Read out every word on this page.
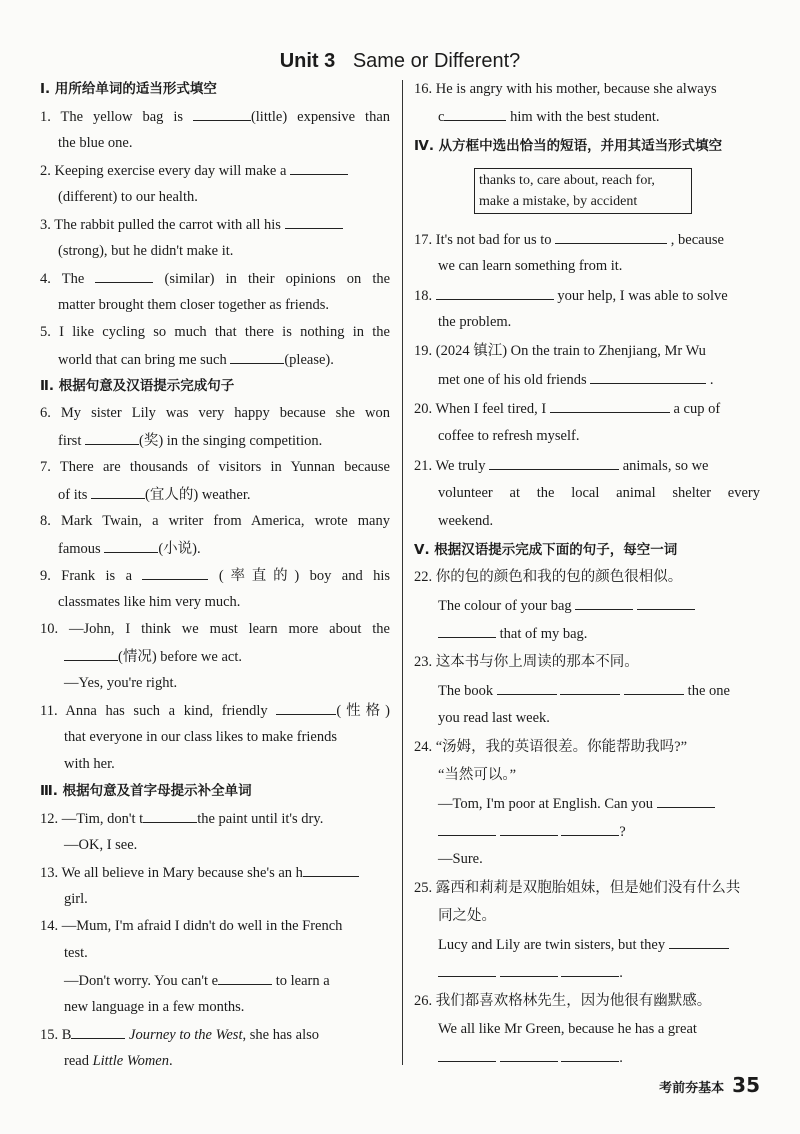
Unit 3 Same or Different?
Ⅰ. 用所给单词的适当形式填空
1. The yellow bag is	(little) expensive than
the blue one.
2. Keeping exercise every day will make a
(different) to our health.
3. The rabbit pulled the carrot with all his
(strong), but he didn't make it.
4. The	(similar) in their opinions on the
matter brought them closer together as friends.
5. I like cycling so much that there is nothing in the
world that can bring me such	(please).
Ⅱ. 根据句意及汉语提示完成句子
6. My sister Lily was very happy because she won
first	(奖) in the singing competition.
7. There are thousands of visitors in Yunnan because
of its	(宜人的) weather.
8. Mark Twain, a writer from America, wrote many
famous	(小说).
9. Frank is a	(率直的) boy and his
classmates like him very much.
10. —John, I think we must learn more about the
(情况) before we act.
—Yes, you're right.
11. Anna has such a kind, friendly	(性格)
that everyone in our class likes to make friends
with her.
Ⅲ. 根据句意及首字母提示补全单词
12. —Tim, don't t	the paint until it's dry.
—OK, I see.
13. We all believe in Mary because she's an h
girl.
14. —Mum, I'm afraid I didn't do well in the French
test.
—Don't worry. You can't e	to learn a
new language in a few months.
15. B	Journey to the West, she has also
read Little Women.
16. He is angry with his mother, because she always
c	him with the best student.
Ⅳ. 从方框中选出恰当的短语，并用其适当形式填空
thanks to, care about, reach for,
make a mistake, by accident
17. It's not bad for us to	, because
we can learn something from it.
18.	your help, I was able to solve
the problem.
19. (2024 镇江) On the train to Zhenjiang, Mr Wu
met one of his old friends	.
20. When I feel tired, I	a cup of
coffee to refresh myself.
21. We truly	animals, so we
volunteer at the local animal shelter every
weekend.
Ⅴ. 根据汉语提示完成下面的句子，每空一词
22. 你的包的颜色和我的包的颜色很相似。
The colour of your bag
that of my bag.
23. 这本书与你上周读的那本不同。
The book	the one
you read last week.
24. “汤姆，我的英语很差。你能帮助我吗?”
“当然可以。”
—Tom, I'm poor at English. Can you
?
—Sure.
25. 露西和莉莉是双胞胎姐妹，但是她们没有什么共
同之处。
Lucy and Lily are twin sisters, but they
.
26. 我们都喜欢格林先生，因为他很有幽默感。
We all like Mr Green, because he has a great
.
考前夯基本 35
